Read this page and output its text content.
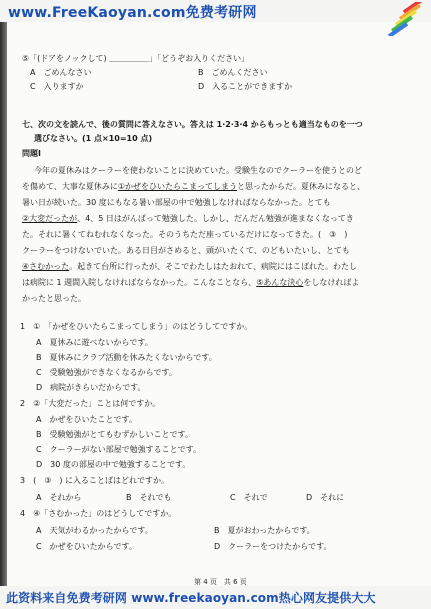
www.FreeKaoyan.com免费考研网
⑤「(ドアをノックして) ＿＿＿＿＿」「どうぞお入りください」
A　ごめんなさい	B　ごめんください
C　入りますか	D　入ることができますか
七、次の文を読んで、後の質問に答えなさい。答えは 1·2·3·4 からもっとも適当なものを一つ
選びなさい。(1 点×10=10 点)
問題Ⅰ
今年の夏休みはクーラーを使わないことに決めていた。受験生なのでクーラーを使うとのど
を傷めて、大事な夏休みに①かぜをひいたらこまってしまうと思ったからだ。夏休みになると、
暑い日が続いた。30 度にもなる暑い部屋の中で勉強しなければならなかった。とても
②大変だったが、4、5 日はがんばって勉強した。しかし、だんだん勉強が進まなくなってき
た。それに暑くてねむれなくなった。そのうちただ座っているだけになってきた。(　③　)
クーラーをつけないでいた。ある日目がさめると、頭がいたくて、のどもいたいし、とても
④さむかった。起きて台所に行ったが、そこでわたしはたおれて、病院にはこばれた。わたし
は病院に 1 週間入院しなければならなかった。こんなことなら、⑤あんな決心をしなければよ
かったと思った。
1　①　「かぜをひいたらこまってしまう」のはどうしてですか。
A　夏休みに遊べないからです。
B　夏休みにクラブ活動を休みたくないからです。
C　受験勉強ができなくなるからです。
D　病院がきらいだからです。
2　②「大変だった」ことは何ですか。
A　かぜをひいたことです。
B　受験勉強がとてもむずかしいことです。
C　クーラーがない部屋で勉強することです。
D　30 度の部屋の中で勉強することです。
3　(　③　) に入ることばはどれですか。
A　それから	B　それでも	C　それで	D　それに
4　④「さむかった」のはどうしてですか。
A　天気がわるかったからです。	B　夏がおわったからです。
C　かぜをひいたからです。	D　クーラーをつけたからです。
第 4 页　共 6 页
此资料来自免费考研网 www.freekaoyan.com热心网友提供大大
